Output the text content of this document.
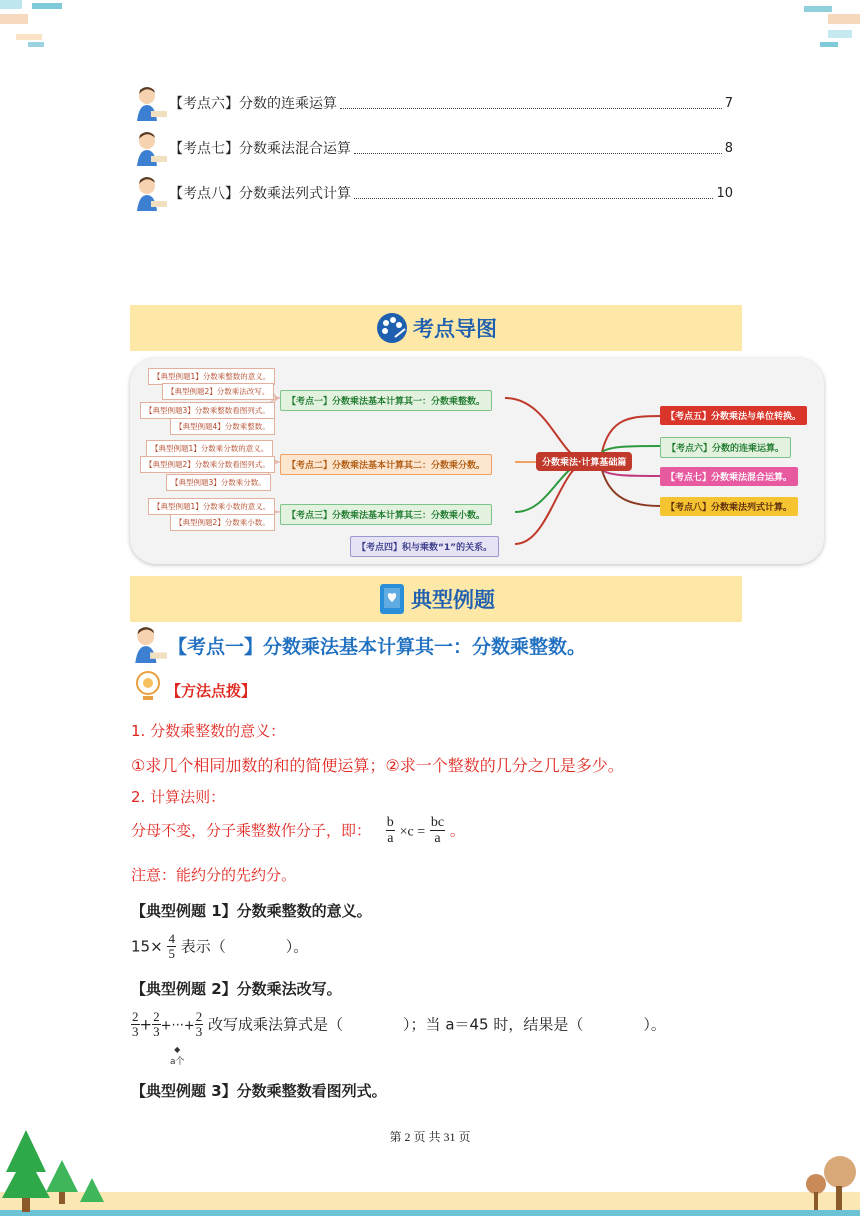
【考点六】分数的连乘运算	7
【考点七】分数乘法混合运算	8
【考点八】分数乘法列式计算	10
考点导图
【典型例题1】分数乘整数的意义。
【典型例题2】分数乘法改写。
【典型例题3】分数乘整数看图列式。
【典型例题4】分数乘整数。
【典型例题1】分数乘分数的意义。
【典型例题2】分数乘分数看图列式。
【典型例题3】分数乘分数。
【典型例题1】分数乘小数的意义。
【典型例题2】分数乘小数。
【考点一】分数乘法基本计算其一：分数乘整数。
【考点二】分数乘法基本计算其二：分数乘分数。
【考点三】分数乘法基本计算其三：分数乘小数。
【考点四】积与乘数“1”的关系。
分数乘法·计算基础篇
【考点五】分数乘法与单位转换。
【考点六】分数的连乘运算。
【考点七】分数乘法混合运算。
【考点八】分数乘法列式计算。
典型例题
【考点一】分数乘法基本计算其一：分数乘整数。
【方法点拨】
1. 分数乘整数的意义：
①求几个相同加数的和的简便运算；②求一个整数的几分之几是多少。
2. 计算法则：
分母不变，分子乘整数作分子，即： $\frac{b}{a} \times c = \frac{bc}{a}$ 。
注意：能约分的先约分。
【典型例题 1】分数乘整数的意义。
$15\times \frac{4}{5}$ 表示（　　　　）。
【典型例题 2】分数乘法改写。
$\frac{2}{3} + \frac{2}{3}$ +···+ $\frac{2}{3}$ 改写成乘法算式是（　　　　）；当 a＝45 时，结果是（　　　　）。
◆
a个
【典型例题 3】分数乘整数看图列式。
第 2 页 共 31 页
